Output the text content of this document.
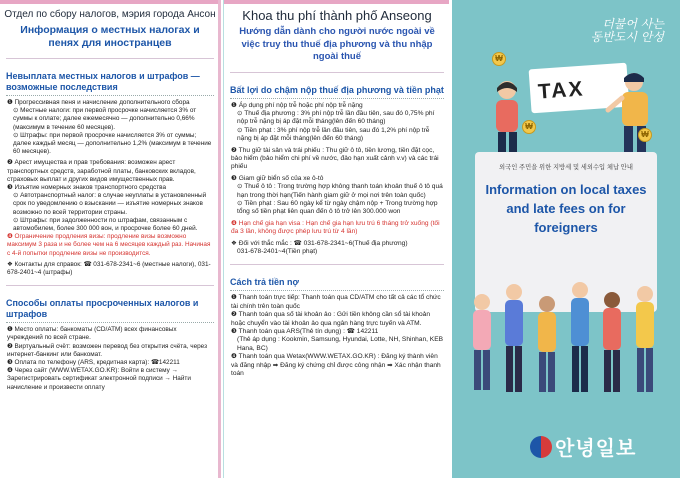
Отдел по сбору налогов, мэрия города Ансон
Информация о местных налогах и пенях для иностранцев
Невыплата местных налогов и штрафов — возможные последствия
❶ Прогрессивная пеня и начисление дополнительного сбора
⊙ Местные налоги: при первой просрочке начисляется 3% от суммы к оплате; далее ежемесячно — дополнительно 0,66% (максимум в течение 60 месяцев).
⊙ Штрафы: при первой просрочке начисляется 3% от суммы; далее каждый месяц — дополнительно 1,2% (максимум в течение 60 месяцев).
❷ Арест имущества и прав требования: возможен арест транспортных средств, заработной платы, банковских вкладов, страховых выплат и других видов имущественных прав.
❸ Изъятие номерных знаков транспортного средства
⊙ Автотранспортный налог: в случае неуплаты в установленный срок по уведомлению о взыскании — изъятие номерных знаков возможно по всей территории страны.
⊙ Штрафы: при задолженности по штрафам, связанным с автомобилем, более 300 000 вон, и просрочке более 60 дней.
❹ Ограничение продления визы: продление визы возможно максимум 3 раза и не более чем на 6 месяцев каждый раз. Начиная с 4-й попытки продление визы не производится.
❖ Контакты для справок: ☎ 031-678-2341~6 (местные налоги), 031-678-2401~4 (штрафы)
Способы оплаты просроченных налогов и штрафов
❶ Место оплаты: банкоматы (CD/ATM) всех финансовых учреждений по всей стране.
❷ Виртуальный счёт: возможен перевод без открытия счёта, через интернет-банкинг или банкомат.
❸ Оплата по телефону (ARS, кредитная карта): ☎142211
❹ Через сайт (WWW.WETAX.GO.KR): Войти в систему → Зарегистрировать сертификат электронной подписи → Найти начисление и произвести оплату
Khoa thu phí thành phố Anseong
Hướng dẫn dành cho người nước ngoài về việc truy thu thuế địa phương và thu nhập ngoài thuế
Bất lợi do chậm nộp thuế địa phương và tiền phạt
❶ Áp dụng phí nộp trễ hoặc phí nộp trễ nặng
⊙ Thuế địa phương : 3% phí nộp trễ lần đầu tiên, sau đó 0,75% phí nộp trễ nặng bị áp đặt mỗi tháng(lên đến 60 tháng)
⊙ Tiền phạt : 3% phí nộp trễ lần đầu tiên, sau đó 1,2% phí nộp trễ nặng bị áp đặt mỗi tháng(lên đến 60 tháng)
❷ Thu giữ tài sản và trái phiếu : Thu giữ ô tô, tiền lương, tiền đặt cọc, bảo hiểm (bảo hiểm chi phí về nước, đảo hạn xuất cảnh v.v) và các trái phiếu
❸ Giam giữ biển số của xe ô-tô
⊙ Thuế ô tô : Trong trường hợp không thanh toán khoản thuế ô tô quá hạn trong thời hạn(Tiến hành giam giữ ở mọi nơi trên toàn quốc)
⊙ Tiền phạt : Sau 60 ngày kể từ ngày chậm nộp + Trong trường hợp tổng số tiền phạt liên quan đến ô tô trở lên 300.000 won
❹ Hạn chế gia hạn visa : Hạn chế gia hạn lưu trú 6 tháng trở xuống (tối đa 3 lần, không được phép lưu trú từ 4 lần)
❖ Đối với thắc mắc : ☎ 031-678-2341~6(Thuế địa phương)
031-678-2401~4(Tiền phạt)
Cách trả tiền nợ
❶ Thanh toán trực tiếp: Thanh toán qua CD/ATM cho tất cả các tổ chức tài chính trên toàn quốc
❷ Thanh toán qua số tài khoản ảo : Gửi tiền không cần sổ tài khoản hoặc chuyển vào tài khoản ảo qua ngân hàng trực tuyến và ATM.
❸ Thanh toán qua ARS(Thẻ tín dụng) : ☎ 142211
(Thẻ áp dụng : Kookmin, Samsung, Hyundai, Lotte, NH, Shinhan, KEB Hana, BC)
❹ Thanh toán qua Wetax(WWW.WETAX.GO.KR) : Đăng ký thành viên và đăng nhập ➡ Đăng ký chứng chỉ được công nhận ➡ Xác nhận thanh toán
더불어 사는
동반도시 안성
TAX
₩
₩
₩
외국인 주민을 위한 지방세 및 세외수입 체납 안내
Information on local taxes and late fees on for foreigners
안녕일보
